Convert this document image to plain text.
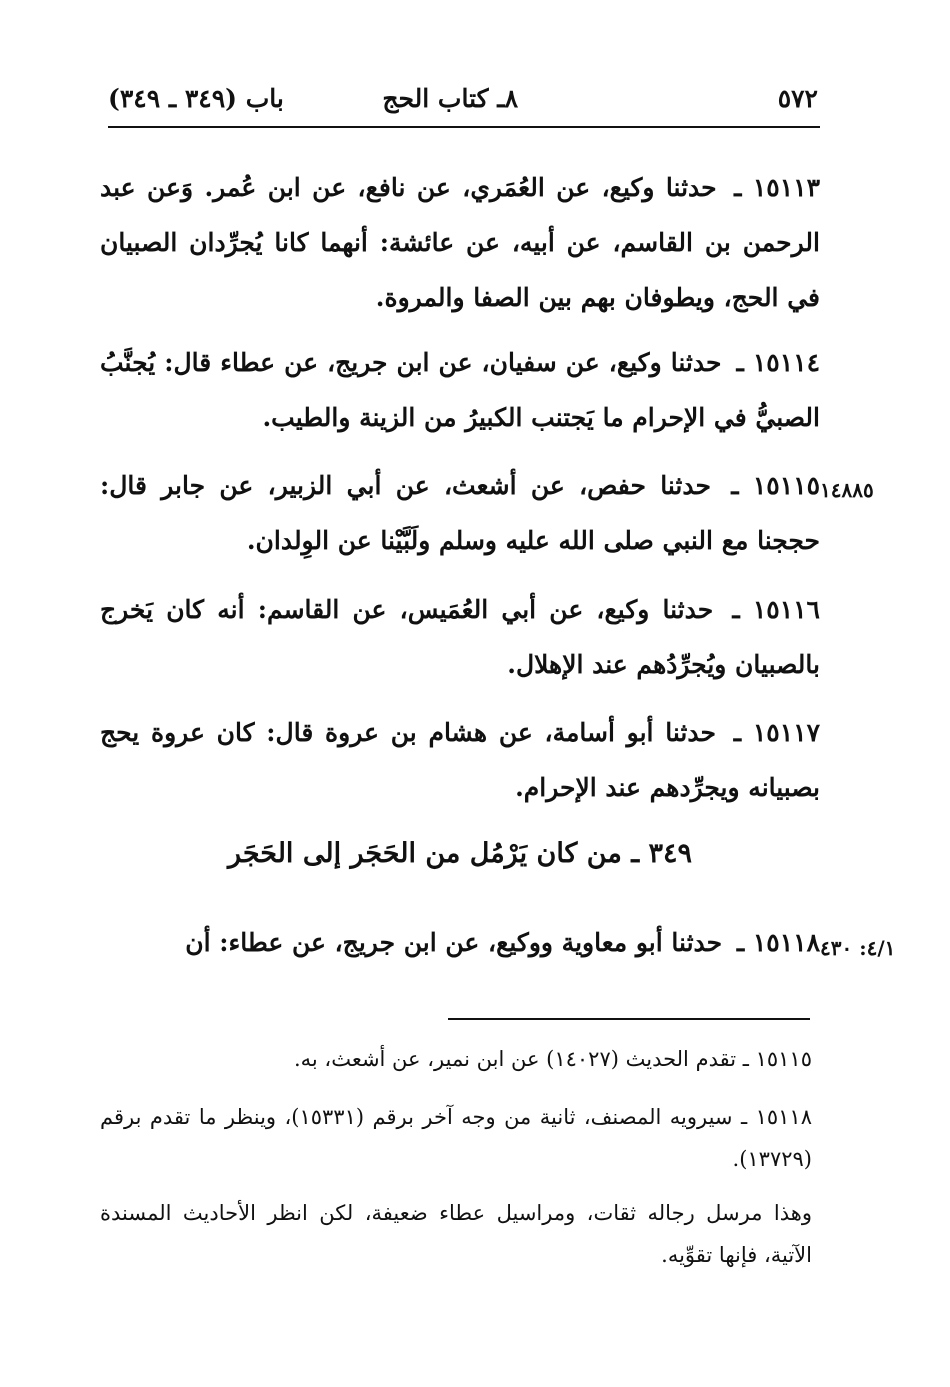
٥٧٢
٨ـ كتاب الحج
باب (٣٤٩ ـ ٣٤٩)

١٥١١٣ ـ حدثنا وكيع، عن العُمَري، عن نافع، عن ابن عُمر. وَعن عبد الرحمن بن القاسم، عن أبيه، عن عائشة: أنهما كانا يُجرِّدان الصبيان في الحج، ويطوفان بهم بين الصفا والمروة.

١٥١١٤ ـ حدثنا وكيع، عن سفيان، عن ابن جريج، عن عطاء قال: يُجنَّبُ الصبيُّ في الإحرام ما يَجتنب الكبيرُ من الزينة والطيب.

١٤٨٨٥

١٥١١٥ ـ حدثنا حفص، عن أشعث، عن أبي الزبير، عن جابر قال: حججنا مع النبي صلى الله عليه وسلم ولَبَّيْنا عن الوِلدان.

١٥١١٦ ـ حدثنا وكيع، عن أبي العُمَيس، عن القاسم: أنه كان يَخرج بالصبيان ويُجرِّدُهم عند الإهلال.

١٥١١٧ ـ حدثنا أبو أسامة، عن هشام بن عروة قال: كان عروة يحج بصبيانه ويجرِّدهم عند الإحرام.

٣٤٩ ـ من كان يَرْمُل من الحَجَر إلى الحَجَر
٤/١: ٤٣٠

١٥١١٨ ـ حدثنا أبو معاوية ووكيع، عن ابن جريج، عن عطاء: أن

١٥١١٥ ـ تقدم الحديث (١٤٠٢٧) عن ابن نمير، عن أشعث، به.

١٥١١٨ ـ سيرويه المصنف، ثانية من وجه آخر برقم (١٥٣٣١)، وينظر ما تقدم برقم (١٣٧٢٩).

وهذا مرسل رجاله ثقات، ومراسيل عطاء ضعيفة، لكن انظر الأحاديث المسندة الآتية، فإنها تقوِّيه.
